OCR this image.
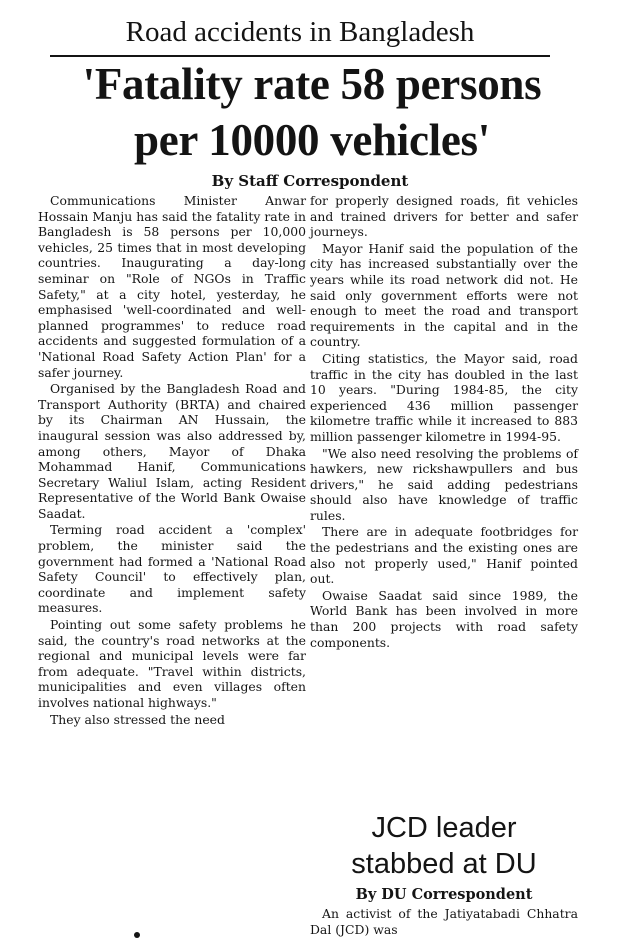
Road accidents in Bangladesh
'Fatality rate 58 persons
per 10000 vehicles'
By Staff Correspondent

Communications Minister Anwar Hossain Manju has said the fatality rate in Bangladesh is 58 persons per 10,000 vehicles, 25 times that in most developing countries. Inaugurating a day-long seminar on "Role of NGOs in Traffic Safety," at a city hotel, yesterday, he emphasised 'well-coordinated and well-planned programmes' to reduce road accidents and suggested formulation of a 'National Road Safety Action Plan' for a safer journey.

Organised by the Bangladesh Road and Transport Authority (BRTA) and chaired by its Chairman AN Hussain, the inaugural session was also addressed by, among others, Mayor of Dhaka Mohammad Hanif, Communications Secretary Waliul Islam, acting Resident Representative of the World Bank Owaise Saadat.

Terming road accident a 'complex' problem, the minister said the government had formed a 'National Road Safety Council' to effectively plan, coordinate and implement safety measures.

Pointing out some safety problems he said, the country's road networks at the regional and municipal levels were far from adequate. "Travel within districts, municipalities and even villages often involves national highways."

They also stressed the need

for properly designed roads, fit vehicles and trained drivers for better and safer journeys.

Mayor Hanif said the population of the city has increased substantially over the years while its road network did not. He said only government efforts were not enough to meet the road and transport requirements in the capital and in the country.

Citing statistics, the Mayor said, road traffic in the city has doubled in the last 10 years. "During 1984-85, the city experienced 436 million passenger kilometre traffic while it increased to 883 million passenger kilometre in 1994-95.

"We also need resolving the problems of hawkers, new rickshawpullers and bus drivers," he said adding pedestrians should also have knowledge of traffic rules.

There are in adequate footbridges for the pedestrians and the existing ones are also not properly used," Hanif pointed out.

Owaise Saadat said since 1989, the World Bank has been involved in more than 200 projects with road safety components.

JCD leader
stabbed at DU
By DU Correspondent
An activist of the Jatiyatabadi Chhatra Dal (JCD) was
